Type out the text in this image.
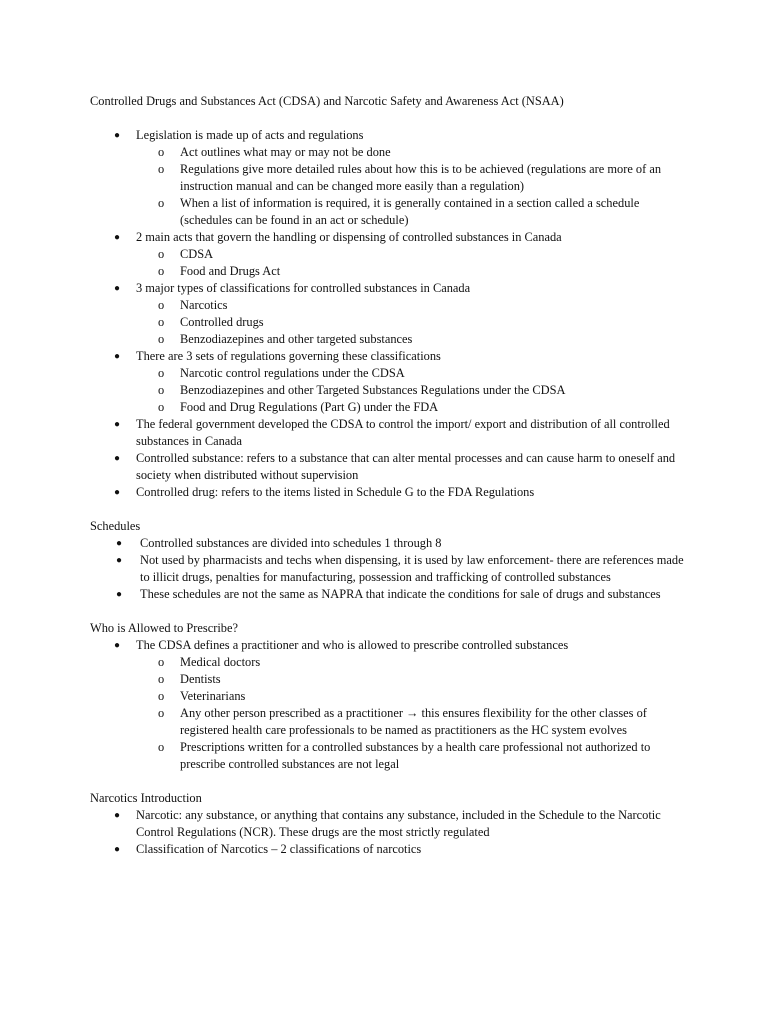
Controlled Drugs and Substances Act (CDSA) and Narcotic Safety and Awareness Act (NSAA)

● Legislation is made up of acts and regulations
o Act outlines what may or may not be done
o Regulations give more detailed rules about how this is to be achieved (regulations are more of an instruction manual and can be changed more easily than a regulation)
o When a list of information is required, it is generally contained in a section called a schedule (schedules can be found in an act or schedule)
● 2 main acts that govern the handling or dispensing of controlled substances in Canada
o CDSA
o Food and Drugs Act
● 3 major types of classifications for controlled substances in Canada
o Narcotics
o Controlled drugs
o Benzodiazepines and other targeted substances
● There are 3 sets of regulations governing these classifications
o Narcotic control regulations under the CDSA
o Benzodiazepines and other Targeted Substances Regulations under the CDSA
o Food and Drug Regulations (Part G) under the FDA
● The federal government developed the CDSA to control the import/ export and distribution of all controlled substances in Canada
● Controlled substance: refers to a substance that can alter mental processes and can cause harm to oneself and society when distributed without supervision
● Controlled drug: refers to the items listed in Schedule G to the FDA Regulations

Schedules

● Controlled substances are divided into schedules 1 through 8
● Not used by pharmacists and techs when dispensing, it is used by law enforcement- there are references made to illicit drugs, penalties for manufacturing, possession and trafficking of controlled substances
● These schedules are not the same as NAPRA that indicate the conditions for sale of drugs and substances

Who is Allowed to Prescribe?

● The CDSA defines a practitioner and who is allowed to prescribe controlled substances
o Medical doctors
o Dentists
o Veterinarians
o Any other person prescribed as a practitioner → this ensures flexibility for the other classes of registered health care professionals to be named as practitioners as the HC system evolves
o Prescriptions written for a controlled substances by a health care professional not authorized to prescribe controlled substances are not legal

Narcotics Introduction

● Narcotic: any substance, or anything that contains any substance, included in the Schedule to the Narcotic Control Regulations (NCR). These drugs are the most strictly regulated
● Classification of Narcotics – 2 classifications of narcotics
